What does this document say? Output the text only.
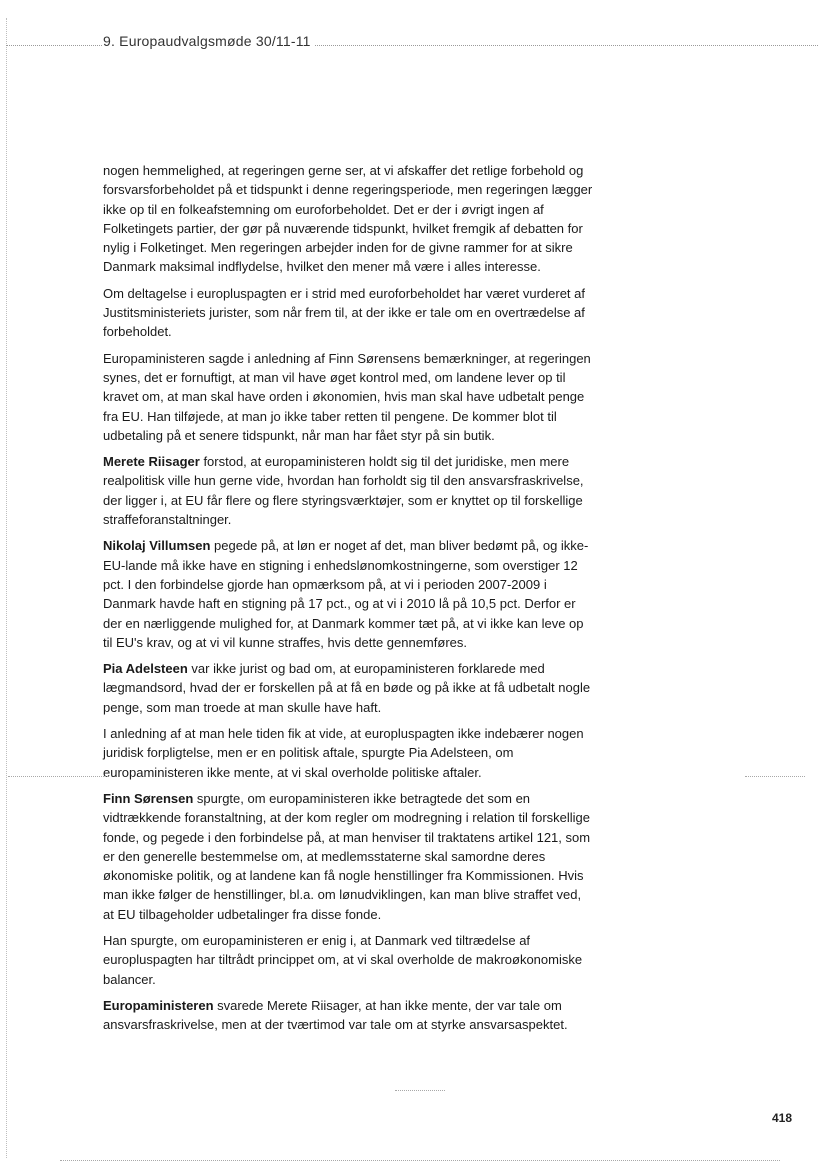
9. Europaudvalgsmøde 30/11-11

nogen hemmelighed, at regeringen gerne ser, at vi afskaffer det retlige forbehold og forsvarsforbeholdet på et tidspunkt i denne regeringsperiode, men regeringen lægger ikke op til en folkeafstemning om euroforbeholdet. Det er der i øvrigt ingen af Folketingets partier, der gør på nuværende tidspunkt, hvilket fremgik af debatten for nylig i Folketinget. Men regeringen arbejder inden for de givne rammer for at sikre Danmark maksimal indflydelse, hvilket den mener må være i alles interesse.

Om deltagelse i europluspagten er i strid med euroforbeholdet har været vurderet af Justitsministeriets jurister, som når frem til, at der ikke er tale om en overtrædelse af forbeholdet.

Europaministeren sagde i anledning af Finn Sørensens bemærkninger, at regeringen synes, det er fornuftigt, at man vil have øget kontrol med, om landene lever op til kravet om, at man skal have orden i økonomien, hvis man skal have udbetalt penge fra EU. Han tilføjede, at man jo ikke taber retten til pengene. De kommer blot til udbetaling på et senere tidspunkt, når man har fået styr på sin butik.

Merete Riisager forstod, at europaministeren holdt sig til det juridiske, men mere realpolitisk ville hun gerne vide, hvordan han forholdt sig til den ansvarsfraskrivelse, der ligger i, at EU får flere og flere styringsværktøjer, som er knyttet op til forskellige straffeforanstaltninger.

Nikolaj Villumsen pegede på, at løn er noget af det, man bliver bedømt på, og ikke-EU-lande må ikke have en stigning i enhedslønomkostningerne, som overstiger 12 pct. I den forbindelse gjorde han opmærksom på, at vi i perioden 2007-2009 i Danmark havde haft en stigning på 17 pct., og at vi i 2010 lå på 10,5 pct. Derfor er der en nærliggende mulighed for, at Danmark kommer tæt på, at vi ikke kan leve op til EU's krav, og at vi vil kunne straffes, hvis dette gennemføres.

Pia Adelsteen var ikke jurist og bad om, at europaministeren forklarede med lægmandsord, hvad der er forskellen på at få en bøde og på ikke at få udbetalt nogle penge, som man troede at man skulle have haft.

I anledning af at man hele tiden fik at vide, at europluspagten ikke indebærer nogen juridisk forpligtelse, men er en politisk aftale, spurgte Pia Adelsteen, om europaministeren ikke mente, at vi skal overholde politiske aftaler.

Finn Sørensen spurgte, om europaministeren ikke betragtede det som en vidtrækkende foranstaltning, at der kom regler om modregning i relation til forskellige fonde, og pegede i den forbindelse på, at man henviser til traktatens artikel 121, som er den generelle bestemmelse om, at medlemsstaterne skal samordne deres økonomiske politik, og at landene kan få nogle henstillinger fra Kommissionen. Hvis man ikke følger de henstillinger, bl.a. om lønudviklingen, kan man blive straffet ved, at EU tilbageholder udbetalinger fra disse fonde.

Han spurgte, om europaministeren er enig i, at Danmark ved tiltrædelse af europluspagten har tiltrådt princippet om, at vi skal overholde de makroøkonomiske balancer.

Europaministeren svarede Merete Riisager, at han ikke mente, der var tale om ansvarsfraskrivelse, men at der tværtimod var tale om at styrke ansvarsaspektet.

418
